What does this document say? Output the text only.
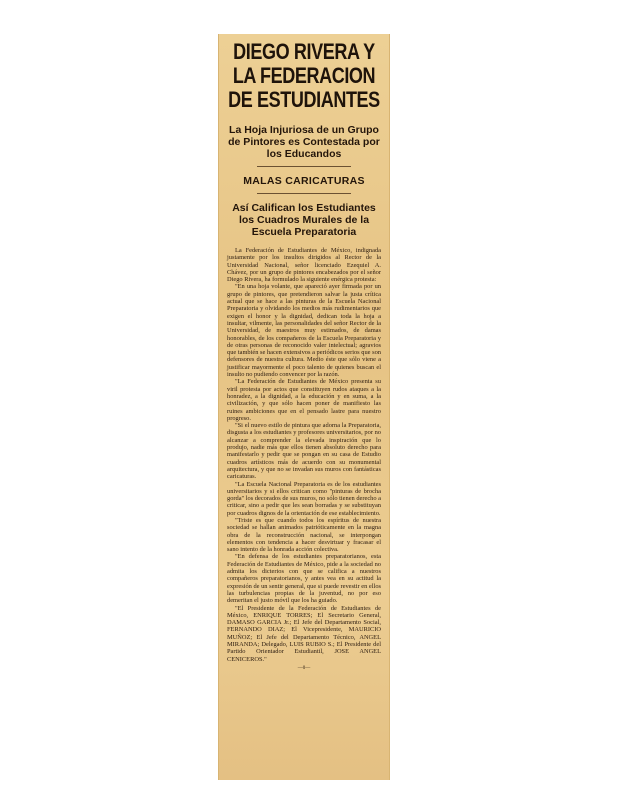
DIEGO RIVERA Y
LA FEDERACION
DE ESTUDIANTES
La Hoja Injuriosa de un Grupo de Pintores es Contestada por los Educandos
MALAS CARICATURAS
Así Califican los Estudiantes los Cuadros Murales de la Escuela Preparatoria

La Federación de Estudiantes de México, indignada justamente por los insultos dirigidos al Rector de la Universidad Nacional, señor licenciado Ezequiel A. Chávez, por un grupo de pintores encabezados por el señor Diego Rivera, ha formulado la siguiente enérgica protesta:

"En una hoja volante, que apareció ayer firmada por un grupo de pintores, que pretendieron salvar la justa crítica actual que se hace a las pinturas de la Escuela Nacional Preparatoria y olvidando los medios más rudimentarios que exigen el honor y la dignidad, dedican toda la hoja a insultar, vilmente, las personalidades del señor Rector de la Universidad, de maestros muy estimados, de damas honorables, de los compañeros de la Escuela Preparatoria y de otras personas de reconocido valer intelectual; agravios que también se hacen extensivos a periódicos serios que son defensores de nuestra cultura. Medio éste que sólo viene a justificar mayormente el poco talento de quienes buscan el insulto no pudiendo convencer por la razón.

"La Federación de Estudiantes de México presenta su viril protesta por actos que constituyen rudos ataques a la honradez, a la dignidad, a la educación y en suma, a la civilización, y que sólo hacen poner de manifiesto las ruines ambiciones que en el pensado lastre para nuestro progreso.

"Si el nuevo estilo de pintura que adorna la Preparatoria, disgusta a los estudiantes y profesores universitarios, por no alcanzar a comprender la elevada inspiración que lo produjo, nadie más que ellos tienen absoluto derecho para manifestarlo y pedir que se pongan en su casa de Estudio cuadros artísticos más de acuerdo con su monumental arquitectura, y que no se invadan sus muros con fantásticas caricaturas.

"La Escuela Nacional Preparatoria es de los estudiantes universitarios y si ellos critican como "pinturas de brocha gorda" los decorados de sus muros, no sólo tienen derecho a criticar, sino a pedir que les sean borradas y se substituyan por cuadros dignos de la orientación de ese establecimiento.

"Triste es que cuando todos los espíritus de nuestra sociedad se hallan animados patrióticamente en la magna obra de la reconstrucción nacional, se interpongan elementos con tendencia a hacer desvirtuar y fracasar el sano intento de la honrada acción colectiva.

"En defensa de los estudiantes preparatorianos, esta Federación de Estudiantes de México, pide a la sociedad no admita los dicterios con que se califica a nuestros compañeros preparatorianos, y antes vea en su actitud la expresión de un sentir general, que si puede revestir en ellos las turbulencias propias de la juventud, no por eso demeritan el justo móvil que los ha guiado.

"El Presidente de la Federación de Estudiantes de México, ENRIQUE TORRES; El Secretario General, DAMASO GARCIA Jr.; El Jefe del Departamento Social, FERNANDO DIAZ; El Vicepresidente, MAURICIO MUÑOZ; El Jefe del Departamento Técnico, ANGEL MIRANDA; Delegado, LUIS RUBIO S.; El Presidente del Partido Orientador Estudiantil, JOSE ANGEL CENICEROS."

—0—
